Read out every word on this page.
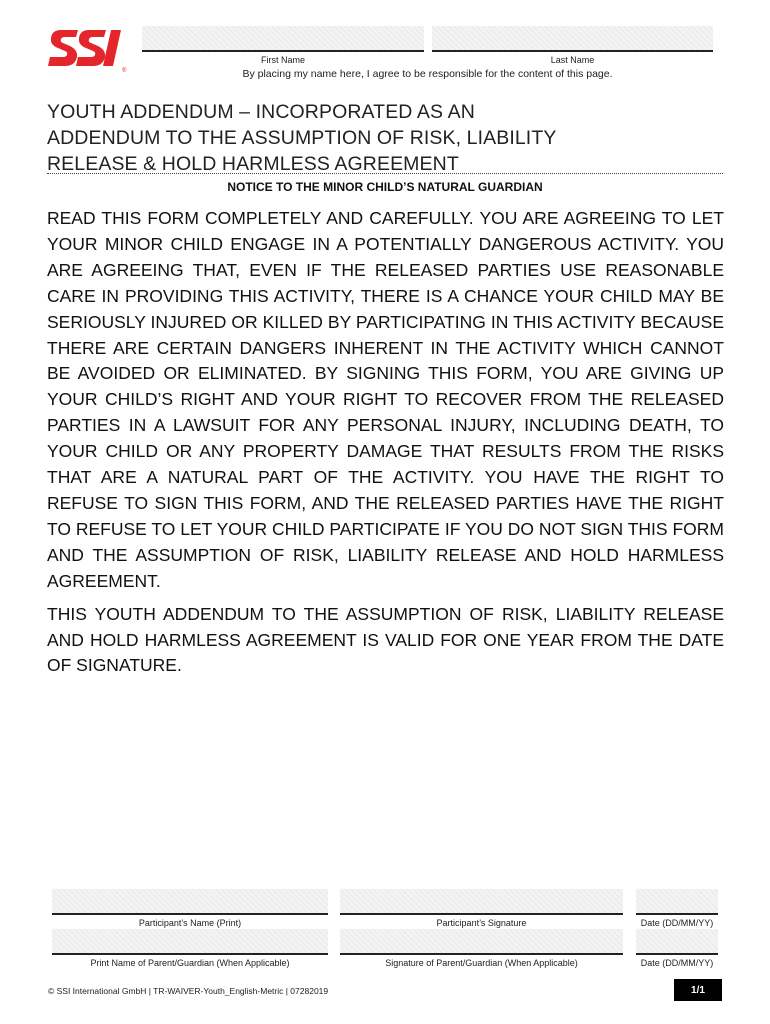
®
First Name	Last Name
By placing my name here, I agree to be responsible for the content of this page.
YOUTH ADDENDUM – INCORPORATED AS AN
ADDENDUM TO THE ASSUMPTION OF RISK, LIABILITY
RELEASE & HOLD HARMLESS AGREEMENT
NOTICE TO THE MINOR CHILD’S NATURAL GUARDIAN

READ THIS FORM COMPLETELY AND CAREFULLY. YOU ARE AGREEING TO LET YOUR MINOR CHILD ENGAGE IN A POTENTIALLY DANGEROUS ACTIVITY. YOU ARE AGREEING THAT, EVEN IF THE RELEASED PARTIES USE REASONABLE CARE IN PROVIDING THIS ACTIVITY, THERE IS A CHANCE YOUR CHILD MAY BE SERIOUSLY INJURED OR KILLED BY PARTICIPATING IN THIS ACTIVITY BECAUSE THERE ARE CERTAIN DANGERS INHERENT IN THE ACTIVITY WHICH CANNOT BE AVOIDED OR ELIMINATED. BY SIGNING THIS FORM, YOU ARE GIVING UP YOUR CHILD’S RIGHT AND YOUR RIGHT TO RECOVER FROM THE RELEASED PARTIES IN A LAWSUIT FOR ANY PERSONAL INJURY, INCLUDING DEATH, TO YOUR CHILD OR ANY PROPERTY DAMAGE THAT RESULTS FROM THE RISKS THAT ARE A NATURAL PART OF THE ACTIVITY. YOU HAVE THE RIGHT TO REFUSE TO SIGN THIS FORM, AND THE RELEASED PARTIES HAVE THE RIGHT TO REFUSE TO LET YOUR CHILD PARTICIPATE IF YOU DO NOT SIGN THIS FORM AND THE ASSUMPTION OF RISK, LIABILITY RELEASE AND HOLD HARMLESS AGREEMENT.

THIS YOUTH ADDENDUM TO THE ASSUMPTION OF RISK, LIABILITY RELEASE AND HOLD HARMLESS AGREEMENT IS VALID FOR ONE YEAR FROM THE DATE OF SIGNATURE.

Participant’s Name (Print)	Participant’s Signature	Date (DD/MM/YY)
Print Name of Parent/Guardian (When Applicable)	Signature of Parent/Guardian (When Applicable)	Date (DD/MM/YY)
© SSI International GmbH | TR-WAIVER-Youth_English-Metric | 07282019	1/1
